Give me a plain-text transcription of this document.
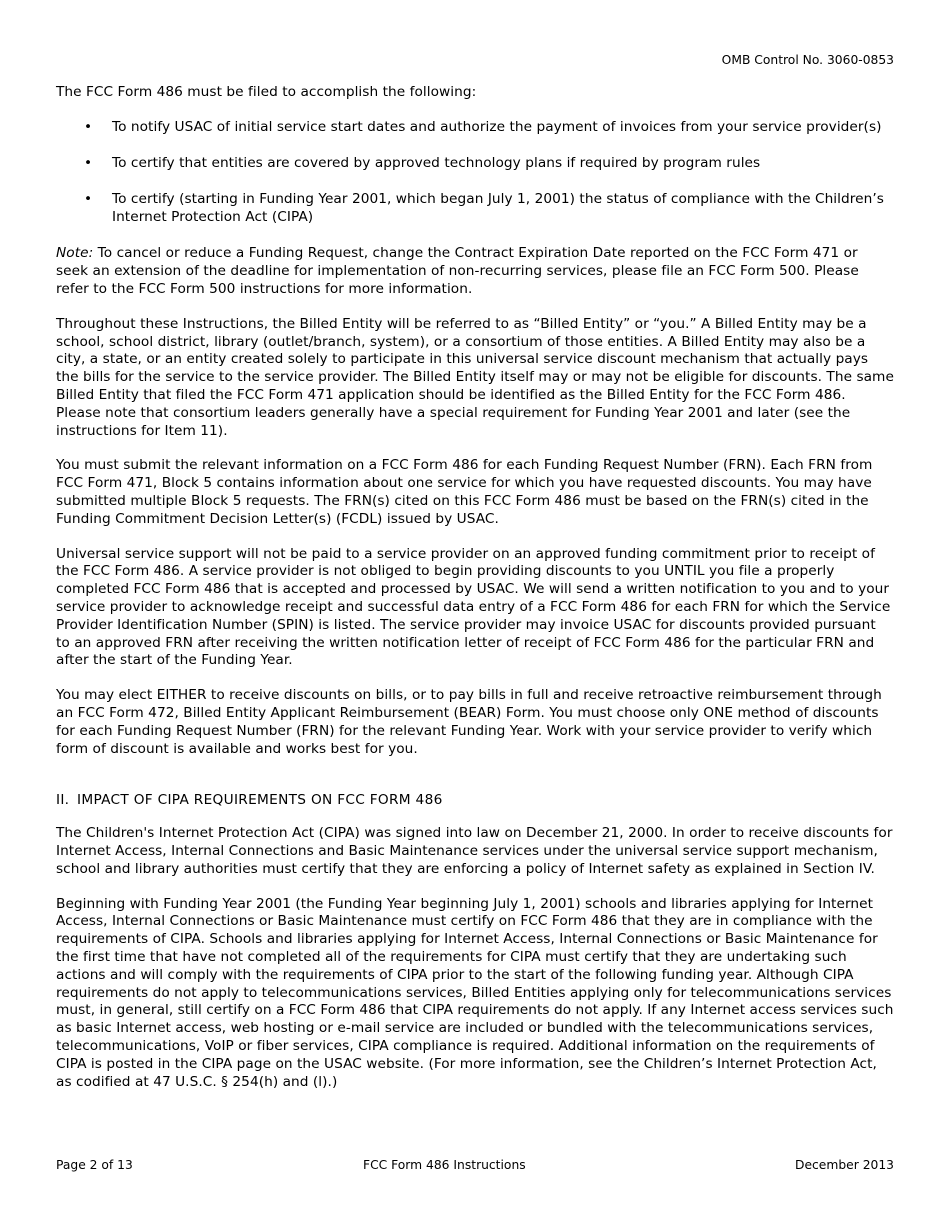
OMB Control No. 3060-0853

The FCC Form 486 must be filed to accomplish the following:

• To notify USAC of initial service start dates and authorize the payment of invoices from your service provider(s)
• To certify that entities are covered by approved technology plans if required by program rules
• To certify (starting in Funding Year 2001, which began July 1, 2001) the status of compliance with the Children’s Internet Protection Act (CIPA)

Note: To cancel or reduce a Funding Request, change the Contract Expiration Date reported on the FCC Form 471 or seek an extension of the deadline for implementation of non-recurring services, please file an FCC Form 500. Please refer to the FCC Form 500 instructions for more information.

Throughout these Instructions, the Billed Entity will be referred to as “Billed Entity” or “you.” A Billed Entity may be a school, school district, library (outlet/branch, system), or a consortium of those entities. A Billed Entity may also be a city, a state, or an entity created solely to participate in this universal service discount mechanism that actually pays the bills for the service to the service provider. The Billed Entity itself may or may not be eligible for discounts. The same Billed Entity that filed the FCC Form 471 application should be identified as the Billed Entity for the FCC Form 486. Please note that consortium leaders generally have a special requirement for Funding Year 2001 and later (see the instructions for Item 11).

You must submit the relevant information on a FCC Form 486 for each Funding Request Number (FRN). Each FRN from FCC Form 471, Block 5 contains information about one service for which you have requested discounts. You may have submitted multiple Block 5 requests. The FRN(s) cited on this FCC Form 486 must be based on the FRN(s) cited in the Funding Commitment Decision Letter(s) (FCDL) issued by USAC.

Universal service support will not be paid to a service provider on an approved funding commitment prior to receipt of the FCC Form 486. A service provider is not obliged to begin providing discounts to you UNTIL you file a properly completed FCC Form 486 that is accepted and processed by USAC. We will send a written notification to you and to your service provider to acknowledge receipt and successful data entry of a FCC Form 486 for each FRN for which the Service Provider Identification Number (SPIN) is listed. The service provider may invoice USAC for discounts provided pursuant to an approved FRN after receiving the written notification letter of receipt of FCC Form 486 for the particular FRN and after the start of the Funding Year.

You may elect EITHER to receive discounts on bills, or to pay bills in full and receive retroactive reimbursement through an FCC Form 472, Billed Entity Applicant Reimbursement (BEAR) Form. You must choose only ONE method of discounts for each Funding Request Number (FRN) for the relevant Funding Year. Work with your service provider to verify which form of discount is available and works best for you.

II. IMPACT OF CIPA REQUIREMENTS ON FCC FORM 486

The Children's Internet Protection Act (CIPA) was signed into law on December 21, 2000. In order to receive discounts for Internet Access, Internal Connections and Basic Maintenance services under the universal service support mechanism, school and library authorities must certify that they are enforcing a policy of Internet safety as explained in Section IV.

Beginning with Funding Year 2001 (the Funding Year beginning July 1, 2001) schools and libraries applying for Internet Access, Internal Connections or Basic Maintenance must certify on FCC Form 486 that they are in compliance with the requirements of CIPA. Schools and libraries applying for Internet Access, Internal Connections or Basic Maintenance for the first time that have not completed all of the requirements for CIPA must certify that they are undertaking such actions and will comply with the requirements of CIPA prior to the start of the following funding year. Although CIPA requirements do not apply to telecommunications services, Billed Entities applying only for telecommunications services must, in general, still certify on a FCC Form 486 that CIPA requirements do not apply. If any Internet access services such as basic Internet access, web hosting or e-mail service are included or bundled with the telecommunications services, telecommunications, VoIP or fiber services, CIPA compliance is required. Additional information on the requirements of CIPA is posted in the CIPA page on the USAC website. (For more information, see the Children’s Internet Protection Act, as codified at 47 U.S.C. § 254(h) and (l).)

Page 2 of 13	FCC Form 486 Instructions	December 2013
